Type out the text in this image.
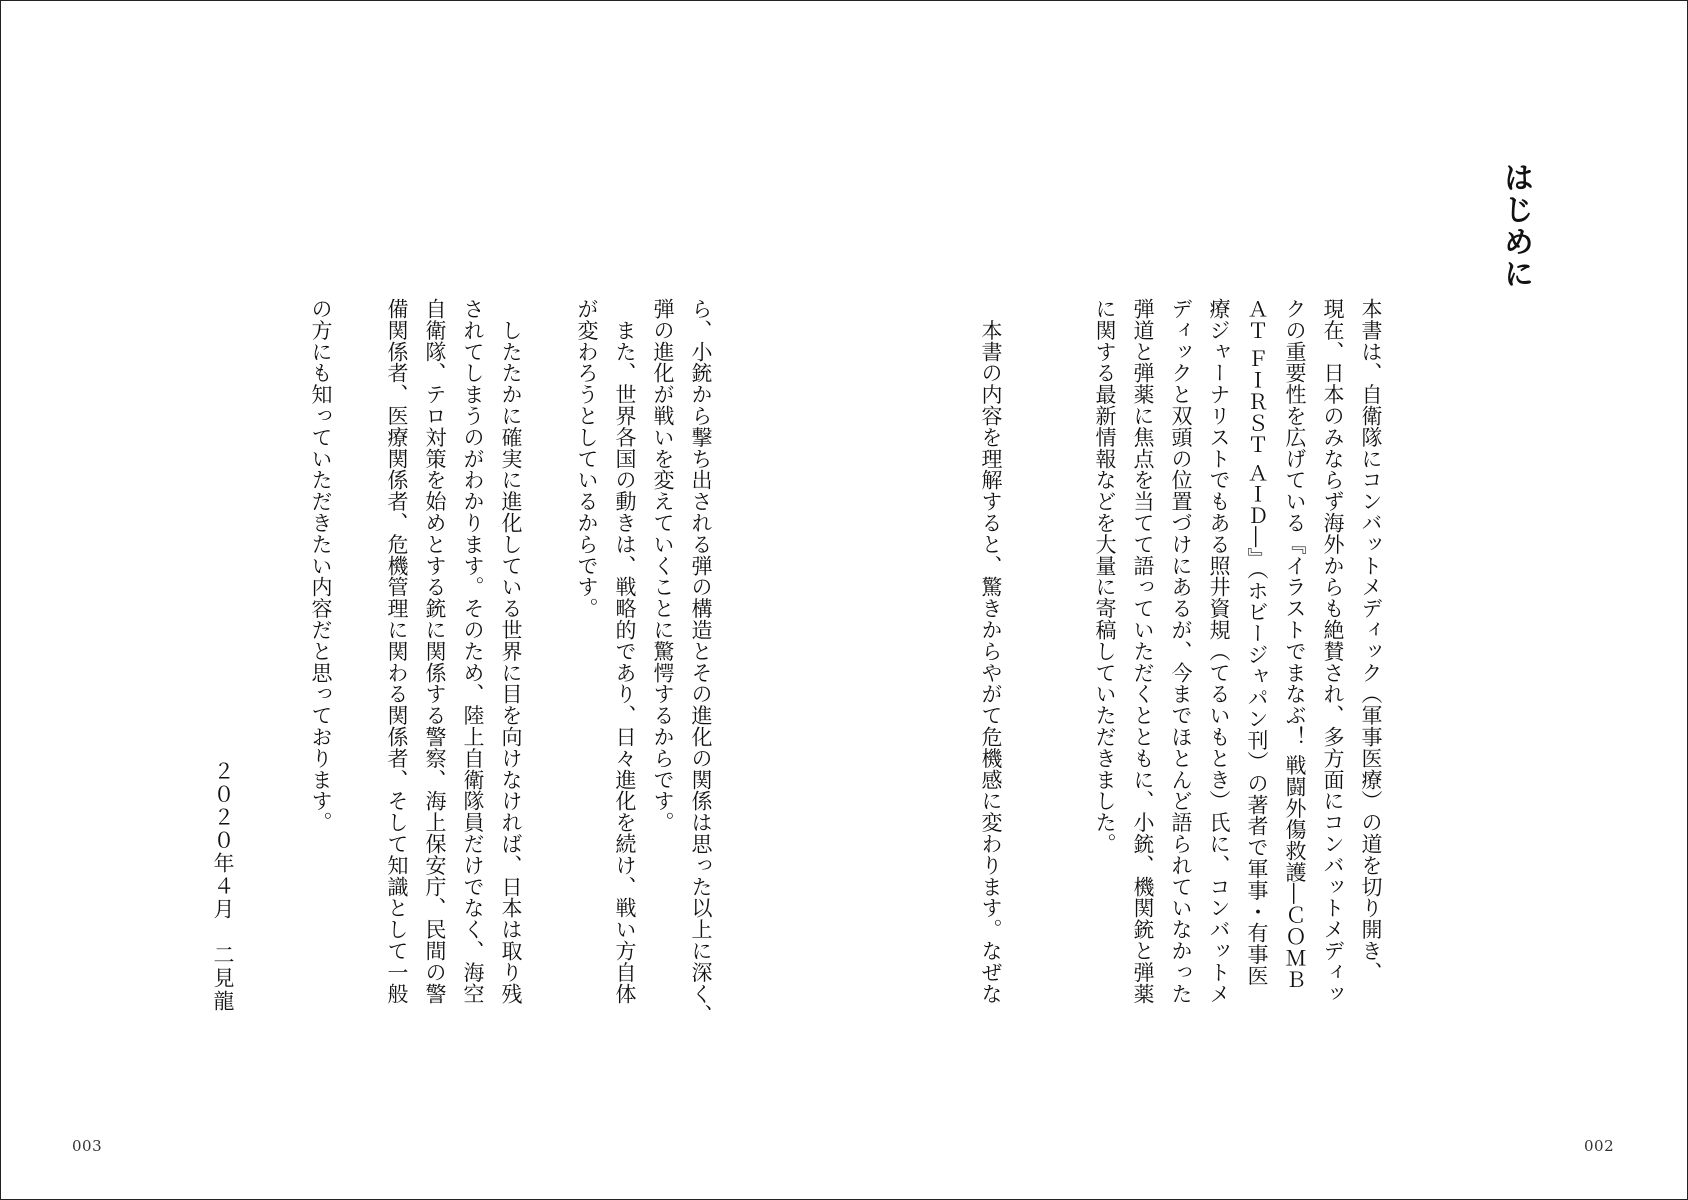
はじめに
本書は、自衛隊にコンバットメディック（軍事医療）の道を切り開き、
現在、日本のみならず海外からも絶賛され、多方面にコンバットメディッ
クの重要性を広げている『イラストでまなぶ！ 戦闘外傷救護―ＣＯＭＢ
ＡＴ ＦＩＲＳＴ ＡＩＤ―』（ホビージャパン刊）の著者で軍事・有事医
療ジャーナリストでもある照井資規（てるいもとき）氏に、コンバットメ
ディックと双頭の位置づけにあるが、今までほとんど語られていなかった
弾道と弾薬に焦点を当てて語っていただくとともに、小銃、機関銃と弾薬
に関する最新情報などを大量に寄稿していただきました。
　本書の内容を理解すると、驚きからやがて危機感に変わります。なぜな
ら、小銃から撃ち出される弾の構造とその進化の関係は思った以上に深く、
弾の進化が戦いを変えていくことに驚愕するからです。
　また、世界各国の動きは、戦略的であり、日々進化を続け、戦い方自体
が変わろうとしているからです。
　したたかに確実に進化している世界に目を向けなければ、日本は取り残
されてしまうのがわかります。そのため、陸上自衛隊員だけでなく、海空
自衛隊、テロ対策を始めとする銃に関係する警察、海上保安庁、民間の警
備関係者、医療関係者、危機管理に関わる関係者、そして知識として一般
の方にも知っていただきたい内容だと思っております。
２０２０年４月　二見龍
003	002
